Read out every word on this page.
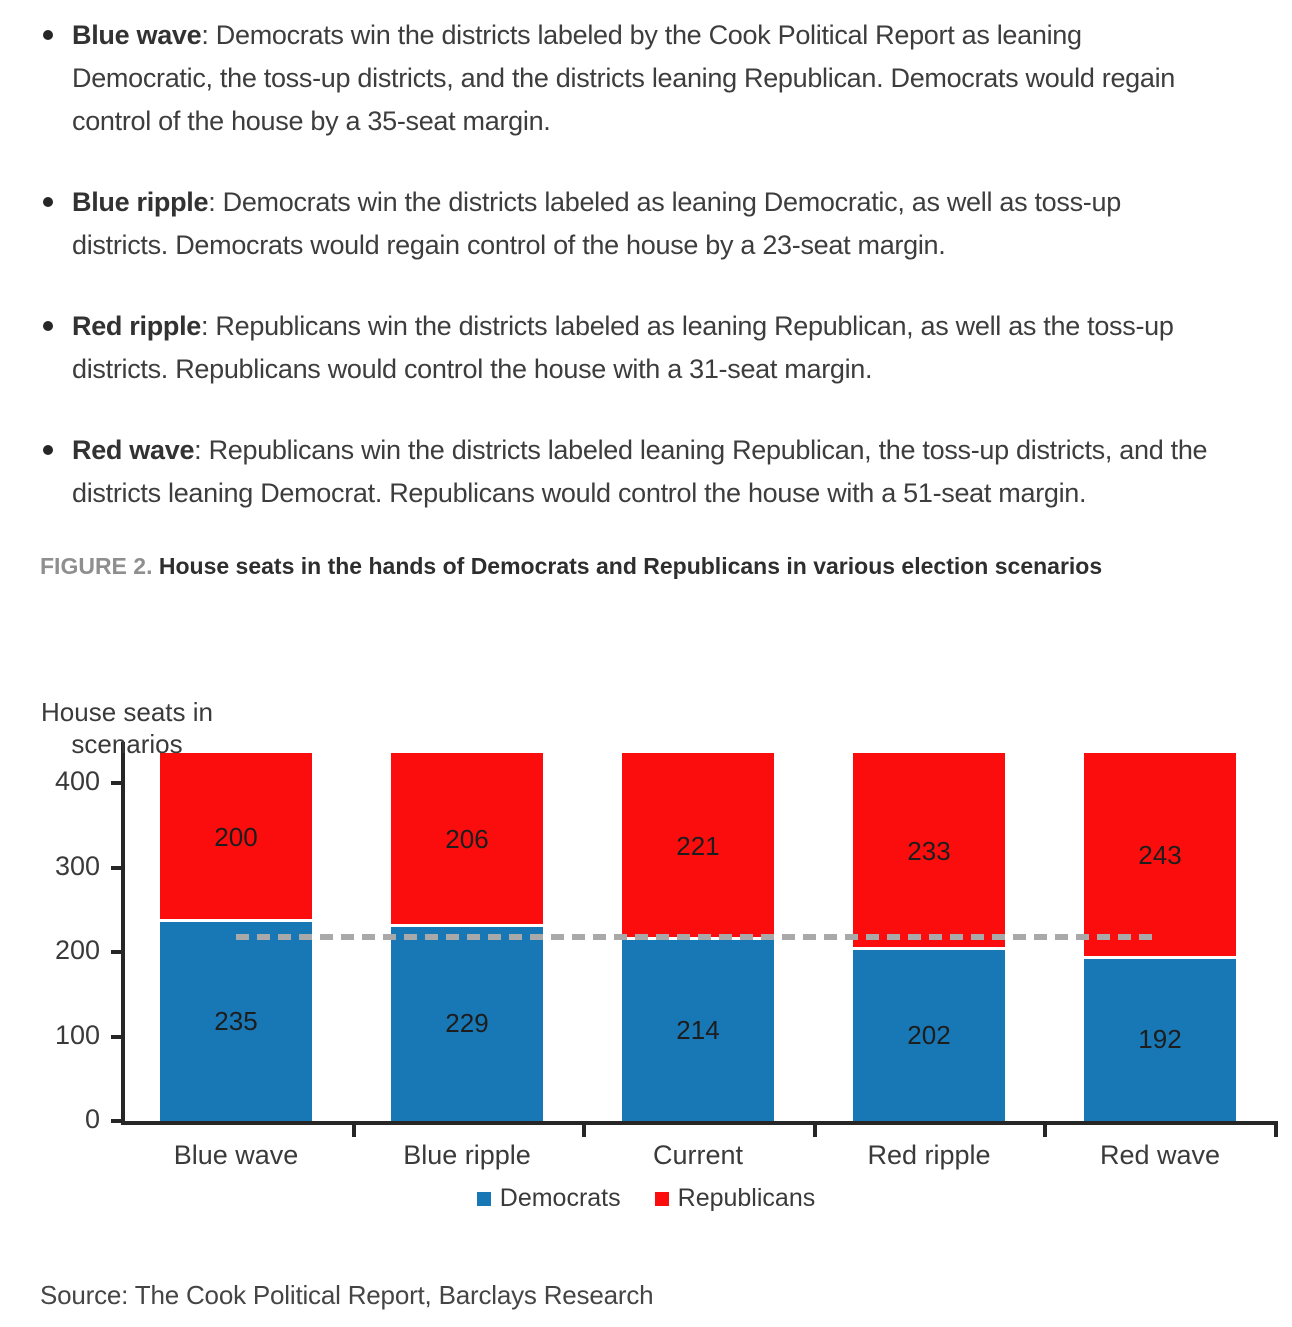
Blue wave: Democrats win the districts labeled by the Cook Political Report as leaning Democratic, the toss-up districts, and the districts leaning Republican. Democrats would regain control of the house by a 35-seat margin.
Blue ripple: Democrats win the districts labeled as leaning Democratic, as well as toss-up districts. Democrats would regain control of the house by a 23-seat margin.
Red ripple: Republicans win the districts labeled as leaning Republican, as well as the toss-up districts. Republicans would control the house with a 31-seat margin.
Red wave: Republicans win the districts labeled leaning Republican, the toss-up districts, and the districts leaning Democrat. Republicans would control the house with a 51-seat margin.
FIGURE 2. House seats in the hands of Democrats and Republicans in various election scenarios
House seats in
scenarios
0
100
200
300
400
200
235
Blue wave
206
229
Blue ripple
221
214
Current
233
202
Red ripple
243
192
Red wave
Democrats Republicans
Source: The Cook Political Report, Barclays Research
